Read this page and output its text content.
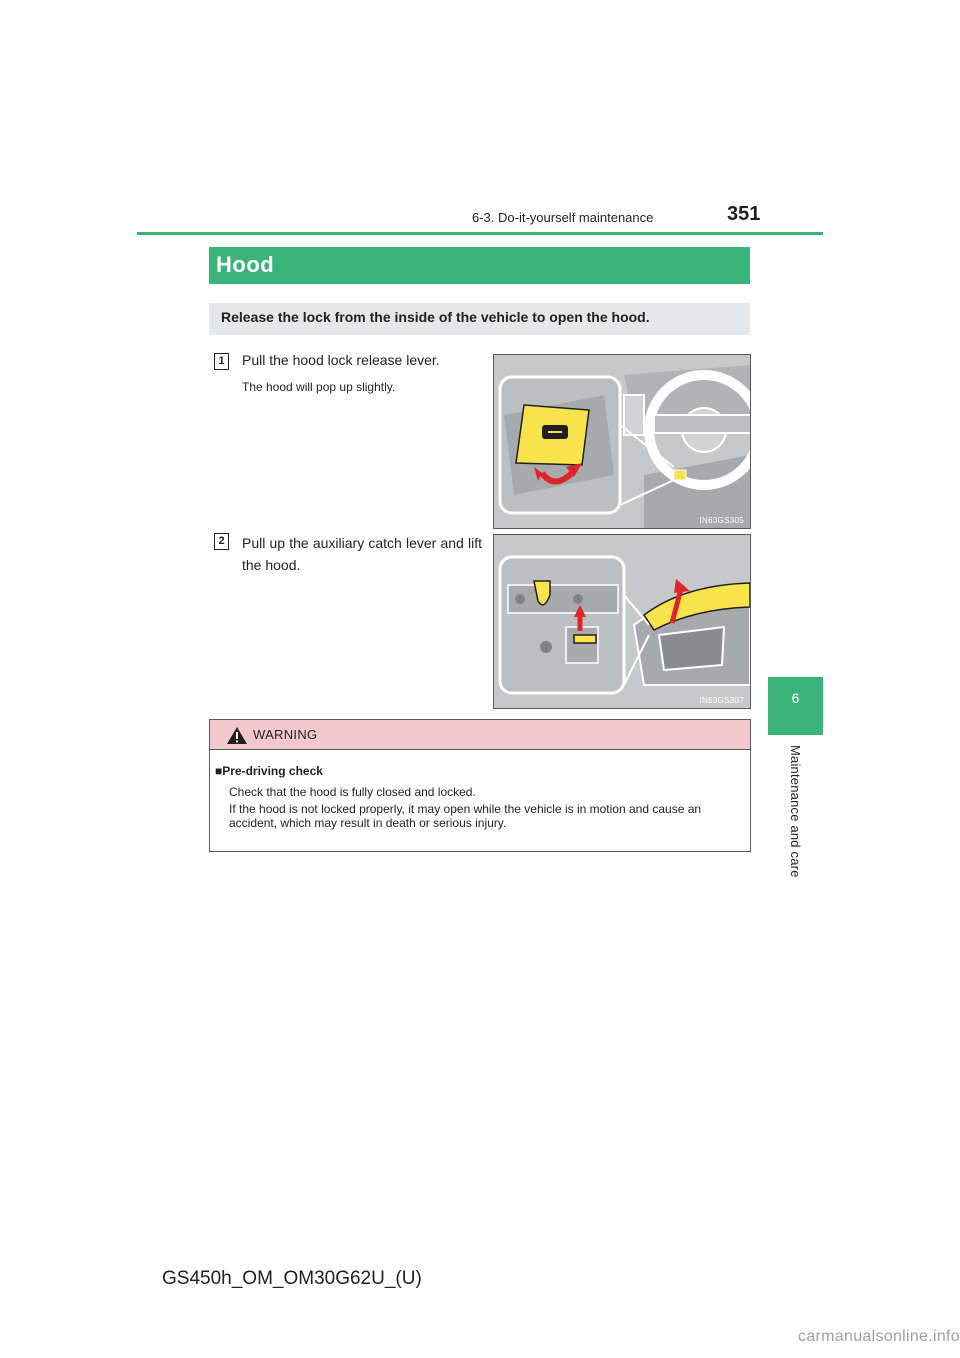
6-3. Do-it-yourself maintenance	351
6
Maintenance and care
Hood
Release the lock from the inside of the vehicle to open the hood.
1	Pull the hood lock release lever.
The hood will pop up slightly.
IN63GS305
2	Pull up the auxiliary catch lever and lift the hood.
IN63GS307
WARNING
■Pre-driving check
Check that the hood is fully closed and locked.
If the hood is not locked properly, it may open while the vehicle is in motion and cause an accident, which may result in death or serious injury.
GS450h_OM_OM30G62U_(U)
carmanualsonline.info
